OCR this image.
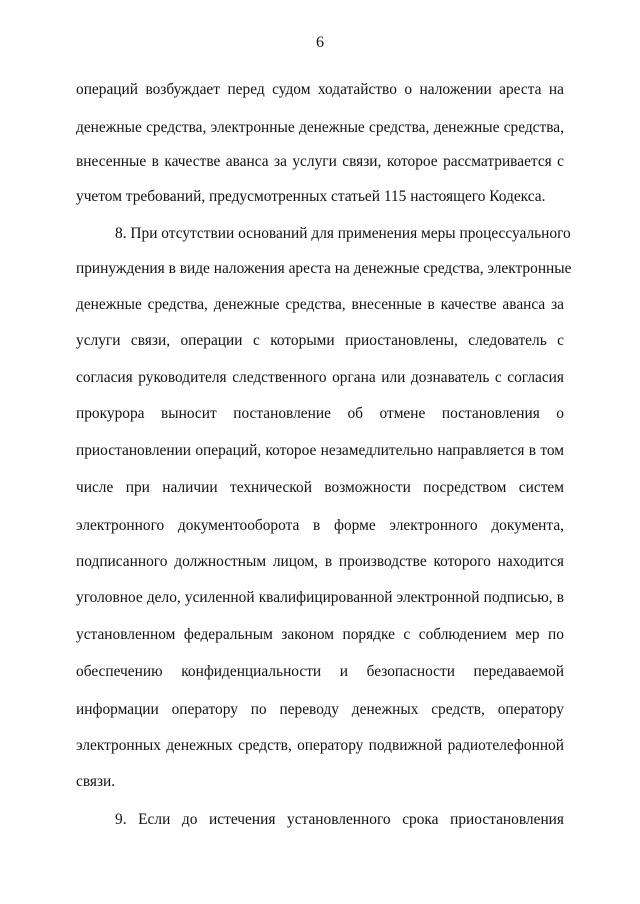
6
операций возбуждает перед судом ходатайство о наложении ареста на
денежные средства, электронные денежные средства, денежные средства,
внесенные в качестве аванса за услуги связи, которое рассматривается с
учетом требований, предусмотренных статьей 115 настоящего Кодекса.
8. При отсутствии оснований для применения меры процессуального
принуждения в виде наложения ареста на денежные средства, электронные
денежные средства, денежные средства, внесенные в качестве аванса за
услуги связи, операции с которыми приостановлены, следователь с
согласия руководителя следственного органа или дознаватель с согласия
прокурора выносит постановление об отмене постановления о
приостановлении операций, которое незамедлительно направляется в том
числе при наличии технической возможности посредством систем
электронного документооборота в форме электронного документа,
подписанного должностным лицом, в производстве которого находится
уголовное дело, усиленной квалифицированной электронной подписью, в
установленном федеральным законом порядке с соблюдением мер по
обеспечению конфиденциальности и безопасности передаваемой
информации оператору по переводу денежных средств, оператору
электронных денежных средств, оператору подвижной радиотелефонной
связи.
9. Если до истечения установленного срока приостановления
